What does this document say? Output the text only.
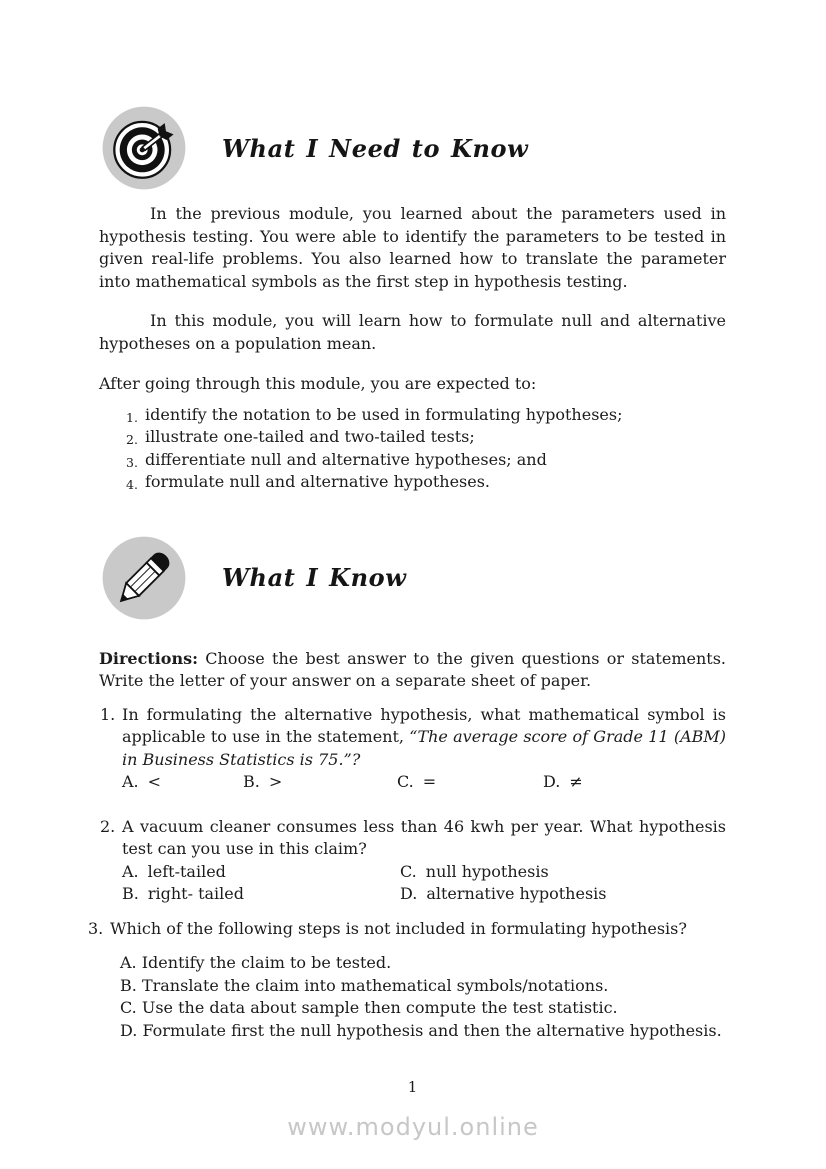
What I Need to Know

In the previous module, you learned about the parameters used in hypothesis testing. You were able to identify the parameters to be tested in given real-life problems. You also learned how to translate the parameter into mathematical symbols as the first step in hypothesis testing.

In this module, you will learn how to formulate null and alternative hypotheses on a population mean.

After going through this module, you are expected to:

1. identify the notation to be used in formulating hypotheses;
2. illustrate one-tailed and two-tailed tests;
3. differentiate null and alternative hypotheses; and
4. formulate null and alternative hypotheses.
What I Know

Directions: Choose the best answer to the given questions or statements. Write the letter of your answer on a separate sheet of paper.

1. In formulating the alternative hypothesis, what mathematical symbol is applicable to use in the statement, “The average score of Grade 11 (ABM) in Business Statistics is 75.”?
A. <	B. >	C. =	D. ≠
2. A vacuum cleaner consumes less than 46 kwh per year. What hypothesis test can you use in this claim?
A. left-tailed	C. null hypothesis
B. right- tailed	D. alternative hypothesis
3. Which of the following steps is not included in formulating hypothesis?
A. Identify the claim to be tested.
B. Translate the claim into mathematical symbols/notations.
C. Use the data about sample then compute the test statistic.
D. Formulate first the null hypothesis and then the alternative hypothesis.
1
www.modyul.online
